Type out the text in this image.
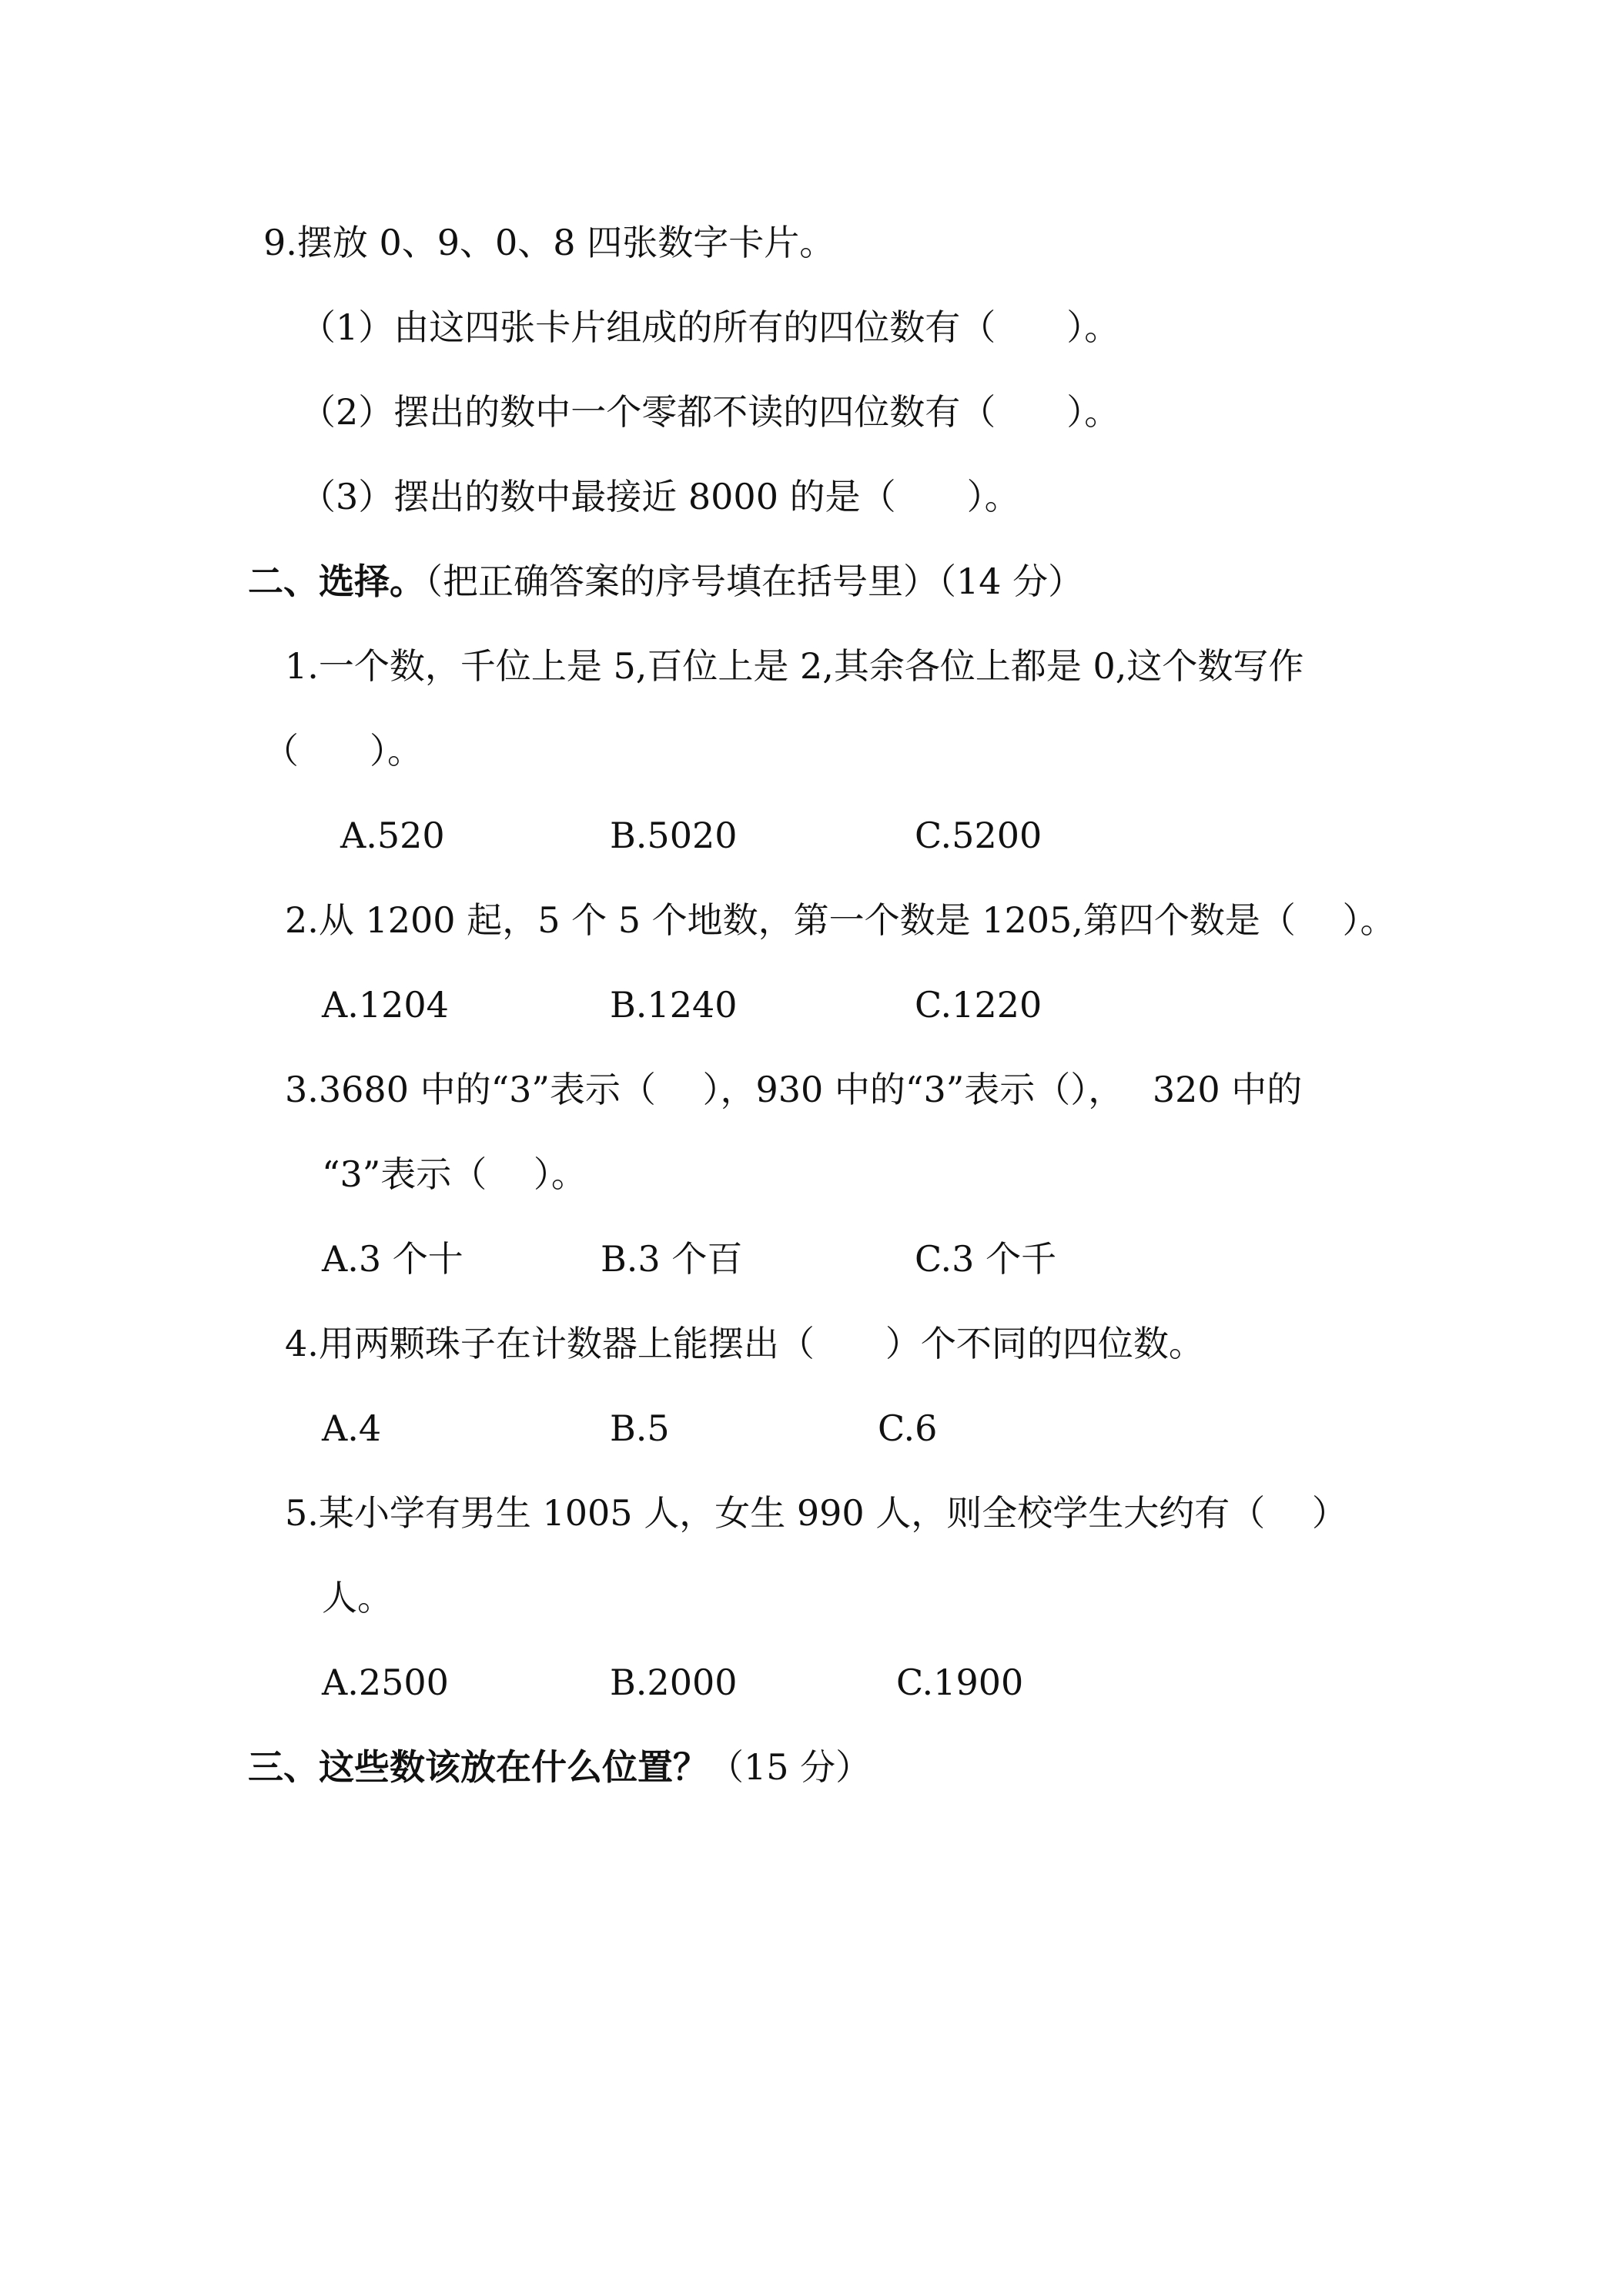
9.摆放 0、9、0、8 四张数字卡片。
（1）由这四张卡片组成的所有的四位数有（　　）。
（2）摆出的数中一个零都不读的四位数有（　　）。
（3）摆出的数中最接近 8000 的是（　　）。
二、选择。（把正确答案的序号填在括号里）（14 分）
1.一个数，千位上是 5,百位上是 2,其余各位上都是 0,这个数写作
（　　）。
A.520	B.5020	C.5200
2.从 1200 起，5 个 5 个地数，第一个数是 1205,第四个数是（　 ）。
A.1204	B.1240	C.1220
3.3680 中的“3”表示（　 ），930 中的“3”表示（），　 320 中的
“3”表示（　 ）。
A.3 个十	B.3 个百	C.3 个千
4.用两颗珠子在计数器上能摆出（　　）个不同的四位数。
A.4	B.5	C.6
5.某小学有男生 1005 人，女生 990 人，则全校学生大约有（　 ）
人。
A.2500	B.2000	C.1900
三、这些数该放在什么位置？（15 分）
